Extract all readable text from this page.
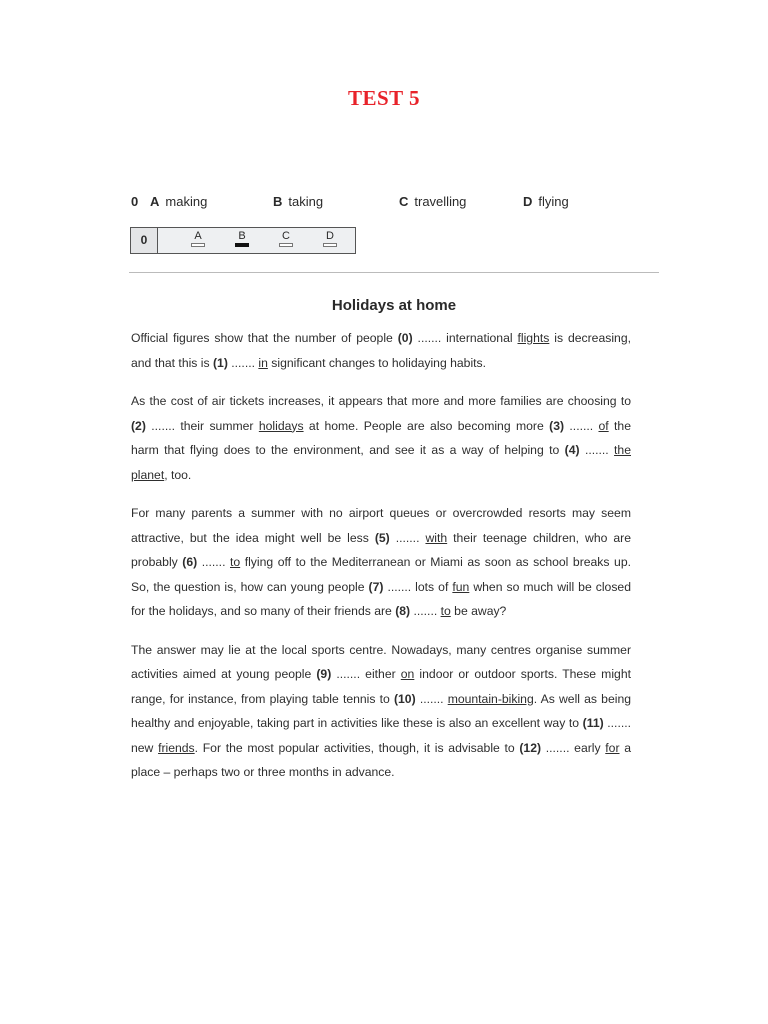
TEST 5
0 A making	B taking	C travelling	D flying
0	A	B	C	D
Holidays at home

Official figures show that the number of people (0) ....... international flights is decreasing, and that this is (1) ....... in significant changes to holidaying habits.

As the cost of air tickets increases, it appears that more and more families are choosing to (2) ....... their summer holidays at home. People are also becoming more (3) ....... of the harm that flying does to the environment, and see it as a way of helping to (4) ....... the planet, too.

For many parents a summer with no airport queues or overcrowded resorts may seem attractive, but the idea might well be less (5) ....... with their teenage children, who are probably (6) ....... to flying off to the Mediterranean or Miami as soon as school breaks up. So, the question is, how can young people (7) ....... lots of fun when so much will be closed for the holidays, and so many of their friends are (8) ....... to be away?

The answer may lie at the local sports centre. Nowadays, many centres organise summer activities aimed at young people (9) ....... either on indoor or outdoor sports. These might range, for instance, from playing table tennis to (10) ....... mountain-biking. As well as being healthy and enjoyable, taking part in activities like these is also an excellent way to (11) ....... new friends. For the most popular activities, though, it is advisable to (12) ....... early for a place – perhaps two or three months in advance.
